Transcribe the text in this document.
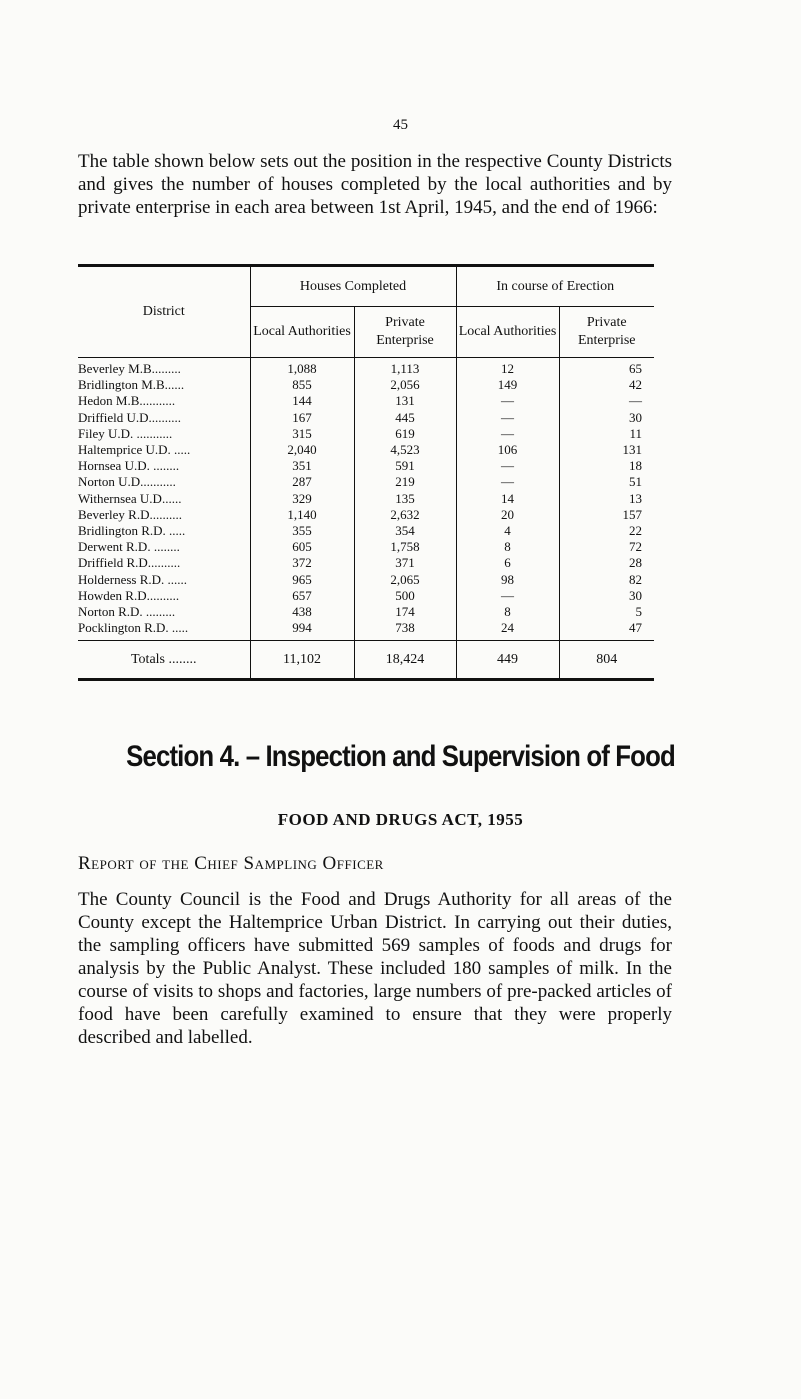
45

The table shown below sets out the position in the respective County Districts and gives the number of houses completed by the local authorities and by private enterprise in each area between 1st April, 1945, and the end of 1966:

District	Houses Completed		In course of Erection	
	Local Authorities	Private Enterprise	Local Authorities	Private Enterprise
Beverley M.B.........	1,088	1,113	12	65
Bridlington M.B......	855	2,056	149	42
Hedon M.B...........	144	131	—	—
Driffield U.D..........	167	445	—	30
Filey U.D. ...........	315	619	—	11
Haltemprice U.D. .....	2,040	4,523	106	131
Hornsea U.D. ........	351	591	—	18
Norton U.D...........	287	219	—	51
Withernsea U.D......	329	135	14	13
Beverley R.D..........	1,140	2,632	20	157
Bridlington R.D. .....	355	354	4	22
Derwent R.D. ........	605	1,758	8	72
Driffield R.D..........	372	371	6	28
Holderness R.D. ......	965	2,065	98	82
Howden R.D..........	657	500	—	30
Norton R.D. .........	438	174	8	5
Pocklington R.D. .....	994	738	24	47
Totals ........	11,102	18,424	449	804
Section 4. – Inspection and Supervision of Food
FOOD AND DRUGS ACT, 1955
Report of the Chief Sampling Officer

The County Council is the Food and Drugs Authority for all areas of the County except the Haltemprice Urban District. In carrying out their duties, the sampling officers have submitted 569 samples of foods and drugs for analysis by the Public Analyst. These included 180 samples of milk. In the course of visits to shops and factories, large numbers of pre-packed articles of food have been carefully examined to ensure that they were properly described and labelled.
